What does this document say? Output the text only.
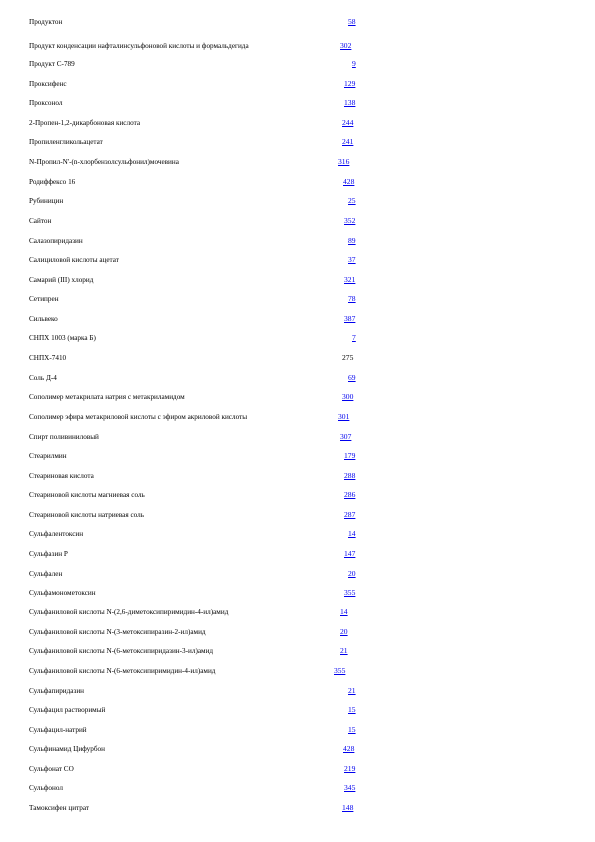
Продуктон	58
Продукт конденсации нафталинсульфоновой кислоты и формальдегида	302
Продукт С-789	9
Проксифенс	129
Проксонол	138
2-Пропен-1,2-дикарбоновая кислота	244
Пропиленгликольацетат	241
N-Пропил-N'-(n-хлорбензолсульфонил)мочевина	316
Родиффексо 16	428
Рубиницин	25
Сайтон	352
Салазопиридазин	89
Салициловой кислоты ацетат	37
Самарий (III) хлорид	321
Сетипрен	78
Сильвеко	387
СНПХ 1003 (марка Б)	7
СНПХ-7410	275
Соль Д-4	69
Сополимер метакрилата натрия с метакриламидом	300
Сополимер эфира метакриловой кислоты с эфиром акриловой кислоты	301
Спирт поливиниловый	307
Стеарилмин	179
Стеариновая кислота	288
Стеариновой кислоты магниевая соль	286
Стеариновой кислоты натриевая соль	287
Сульфалентоксин	14
Сульфазин Р	147
Сульфален	20
Сульфамонометоксин	355
Сульфаниловой кислоты N-(2,6-диметоксипиримидин-4-ил)амид	14
Сульфаниловой кислоты N-(3-метоксипиразин-2-ил)амид	20
Сульфаниловой кислоты N-(6-метоксипиридазин-3-ил)амид	21
Сульфаниловой кислоты N-(6-метоксипиримидин-4-ил)амид	355
Сульфапиридазин	21
Сульфацил растворимый	15
Сульфацил-натрий	15
Сульфинамид Цифурбон	428
Сульфонат СО	219
Сульфонол	345
Тамоксифен цитрат	148
